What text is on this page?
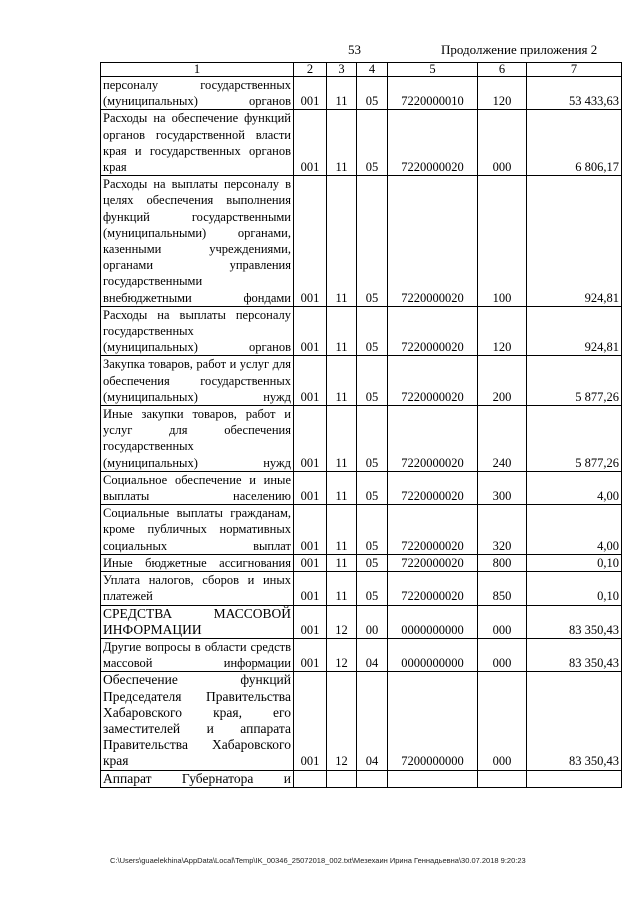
53	Продолжение приложения 2
1	2	3	4	5	6	7
персоналу государственных (муниципальных) органов	001	11	05	7220000010	120	53 433,63
Расходы на обеспечение функций органов государственной власти края и государственных органов края	001	11	05	7220000020	000	6 806,17
Расходы на выплаты персоналу в целях обеспечения выполнения функций государственными (муниципальными) органами, казенными учреждениями, органами управления государственными внебюджетными фондами	001	11	05	7220000020	100	924,81
Расходы на выплаты персоналу государственных (муниципальных) органов	001	11	05	7220000020	120	924,81
Закупка товаров, работ и услуг для обеспечения государственных (муниципальных) нужд	001	11	05	7220000020	200	5 877,26
Иные закупки товаров, работ и услуг для обеспечения государственных (муниципальных) нужд	001	11	05	7220000020	240	5 877,26
Социальное обеспечение и иные выплаты населению	001	11	05	7220000020	300	4,00
Социальные выплаты гражданам, кроме публичных нормативных социальных выплат	001	11	05	7220000020	320	4,00
Иные бюджетные ассигнования	001	11	05	7220000020	800	0,10
Уплата налогов, сборов и иных платежей	001	11	05	7220000020	850	0,10
СРЕДСТВА МАССОВОЙ ИНФОРМАЦИИ	001	12	00	0000000000	000	83 350,43
Другие вопросы в области средств массовой информации	001	12	04	0000000000	000	83 350,43
Обеспечение функций Председателя Правительства Хабаровского края, его заместителей и аппарата Правительства Хабаровского края	001	12	04	7200000000	000	83 350,43
Аппарат Губернатора и						
C:\Users\guaelekhina\AppData\Local\Temp\IK_00346_25072018_002.txt\Мезехаин Ирина Геннадьевна\30.07.2018 9:20:23
